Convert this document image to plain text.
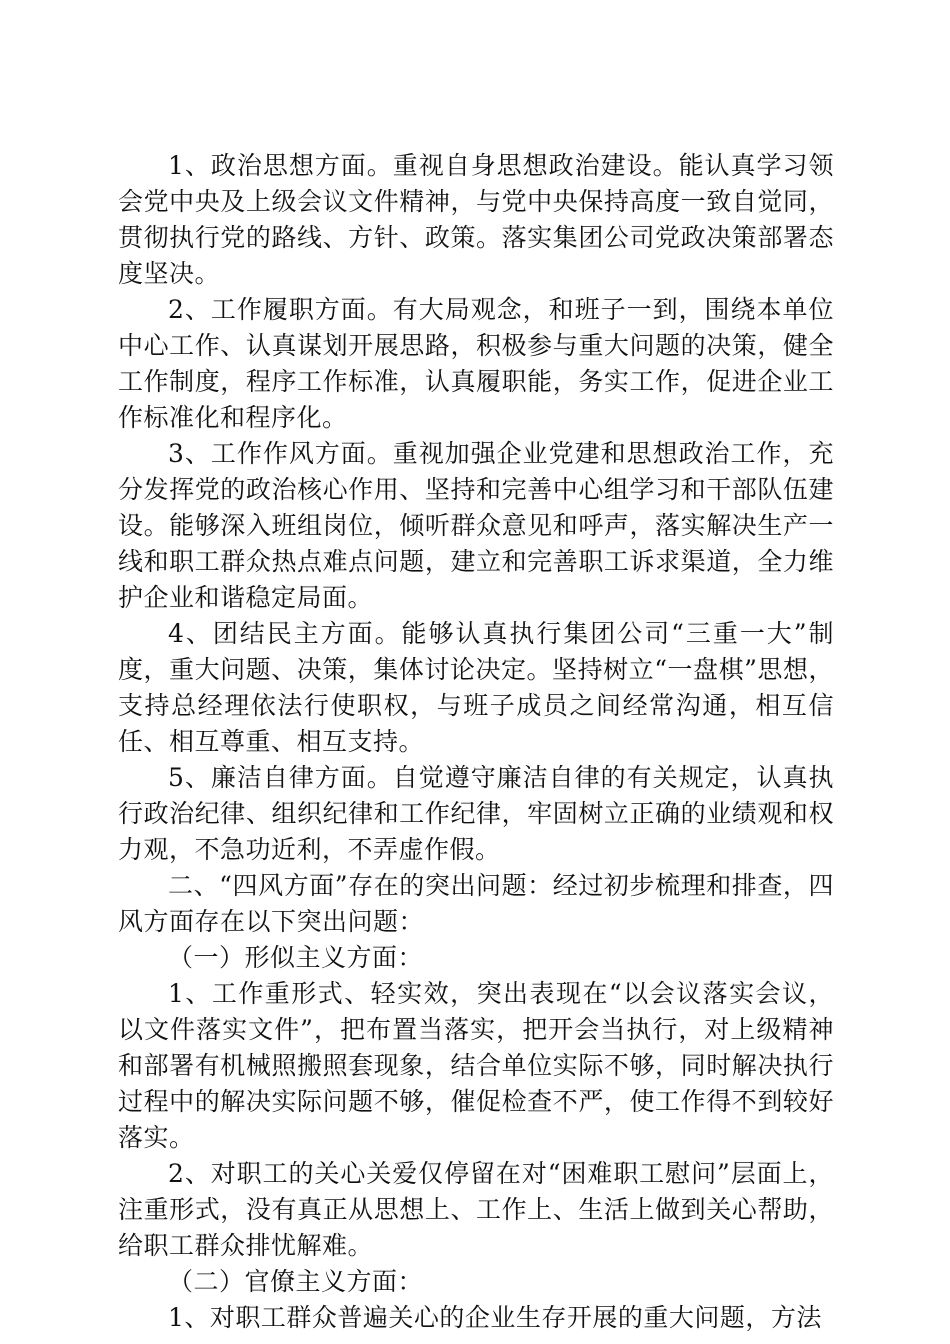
1、政治思想方面。重视自身思想政治建设。能认真学习领会党中央及上级会议文件精神，与党中央保持高度一致自觉同，贯彻执行党的路线、方针、政策。落实集团公司党政决策部署态度坚决。

2、工作履职方面。有大局观念，和班子一到，围绕本单位中心工作、认真谋划开展思路，积极参与重大问题的决策，健全工作制度，程序工作标准，认真履职能，务实工作，促进企业工作标准化和程序化。

3、工作作风方面。重视加强企业党建和思想政治工作，充分发挥党的政治核心作用、坚持和完善中心组学习和干部队伍建设。能够深入班组岗位，倾听群众意见和呼声，落实解决生产一线和职工群众热点难点问题，建立和完善职工诉求渠道，全力维护企业和谐稳定局面。

4、团结民主方面。能够认真执行集团公司“三重一大”制度，重大问题、决策，集体讨论决定。坚持树立“一盘棋”思想，支持总经理依法行使职权，与班子成员之间经常沟通，相互信任、相互尊重、相互支持。

5、廉洁自律方面。自觉遵守廉洁自律的有关规定，认真执行政治纪律、组织纪律和工作纪律，牢固树立正确的业绩观和权力观，不急功近利，不弄虚作假。

二、“四风方面”存在的突出问题：经过初步梳理和排查，四风方面存在以下突出问题：

（一）形似主义方面：

1、工作重形式、轻实效，突出表现在“以会议落实会议，以文件落实文件”，把布置当落实，把开会当执行，对上级精神和部署有机械照搬照套现象，结合单位实际不够，同时解决执行过程中的解决实际问题不够，催促检查不严，使工作得不到较好落实。

2、对职工的关心关爱仅停留在对“困难职工慰问”层面上，注重形式，没有真正从思想上、工作上、生活上做到关心帮助，给职工群众排忧解难。

（二）官僚主义方面：

1、对职工群众普遍关心的企业生存开展的重大问题，方法
